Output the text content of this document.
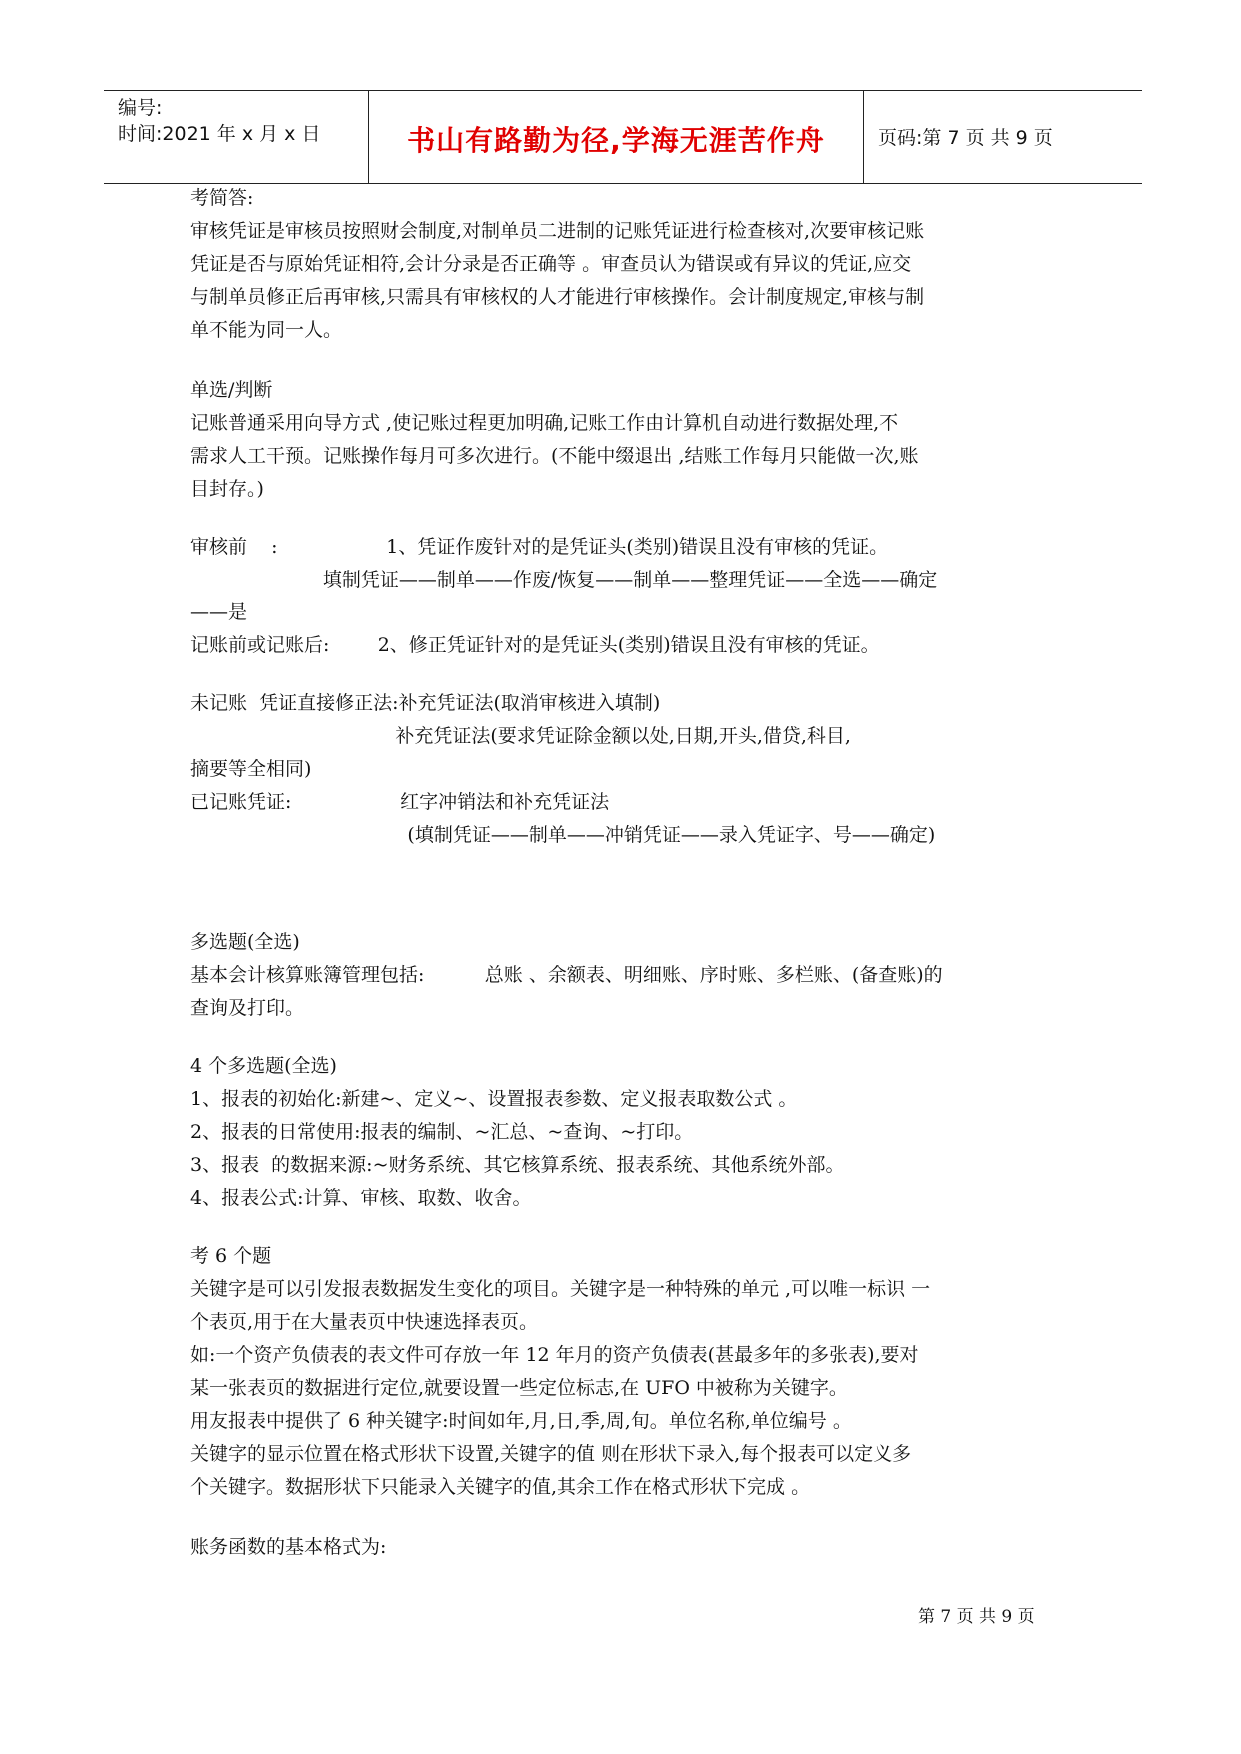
编号:
时间:2021 年 x 月 x 日	书山有路勤为径,学海无涯苦作舟	页码:第 7 页 共 9 页
考简答:
审核凭证是审核员按照财会制度,对制单员二进制的记账凭证进行检查核对,次要审核记账
凭证是否与原始凭证相符,会计分录是否正确等 。审查员认为错误或有异议的凭证,应交
与制单员修正后再审核,只需具有审核权的人才能进行审核操作。会计制度规定,审核与制
单不能为同一人。
单选/判断
记账普通采用向导方式 ,使记账过程更加明确,记账工作由计算机自动进行数据处理,不
需求人工干预。记账操作每月可多次进行。(不能中缀退出 ,结账工作每月只能做一次,账
目封存。)
审核前    :                  1、凭证作废针对的是凭证头(类别)错误且没有审核的凭证。
填制凭证——制单——作废/恢复——制单——整理凭证——全选——确定
——是
记账前或记账后:        2、修正凭证针对的是凭证头(类别)错误且没有审核的凭证。
未记账  凭证直接修正法:补充凭证法(取消审核进入填制)
补充凭证法(要求凭证除金额以处,日期,开头,借贷,科目,
摘要等全相同)
已记账凭证:                  红字冲销法和补充凭证法
(填制凭证——制单——冲销凭证——录入凭证字、号——确定)
多选题(全选)
基本会计核算账簿管理包括:          总账 、余额表、明细账、序时账、多栏账、(备查账)的
查询及打印。
4 个多选题(全选)
1、报表的初始化:新建~、定义~、设置报表参数、定义报表取数公式 。
2、报表的日常使用:报表的编制、~汇总、~查询、~打印。
3、报表  的数据来源:~财务系统、其它核算系统、报表系统、其他系统外部。
4、报表公式:计算、审核、取数、收舍。
考 6 个题
关键字是可以引发报表数据发生变化的项目。关键字是一种特殊的单元 ,可以唯一标识 一
个表页,用于在大量表页中快速选择表页。
如:一个资产负债表的表文件可存放一年 12 年月的资产负债表(甚最多年的多张表),要对
某一张表页的数据进行定位,就要设置一些定位标志,在 UFO 中被称为关键字。
用友报表中提供了 6 种关键字:时间如年,月,日,季,周,旬。单位名称,单位编号 。
关键字的显示位置在格式形状下设置,关键字的值 则在形状下录入,每个报表可以定义多
个关键字。数据形状下只能录入关键字的值,其余工作在格式形状下完成 。
账务函数的基本格式为:
第 7 页 共 9 页
